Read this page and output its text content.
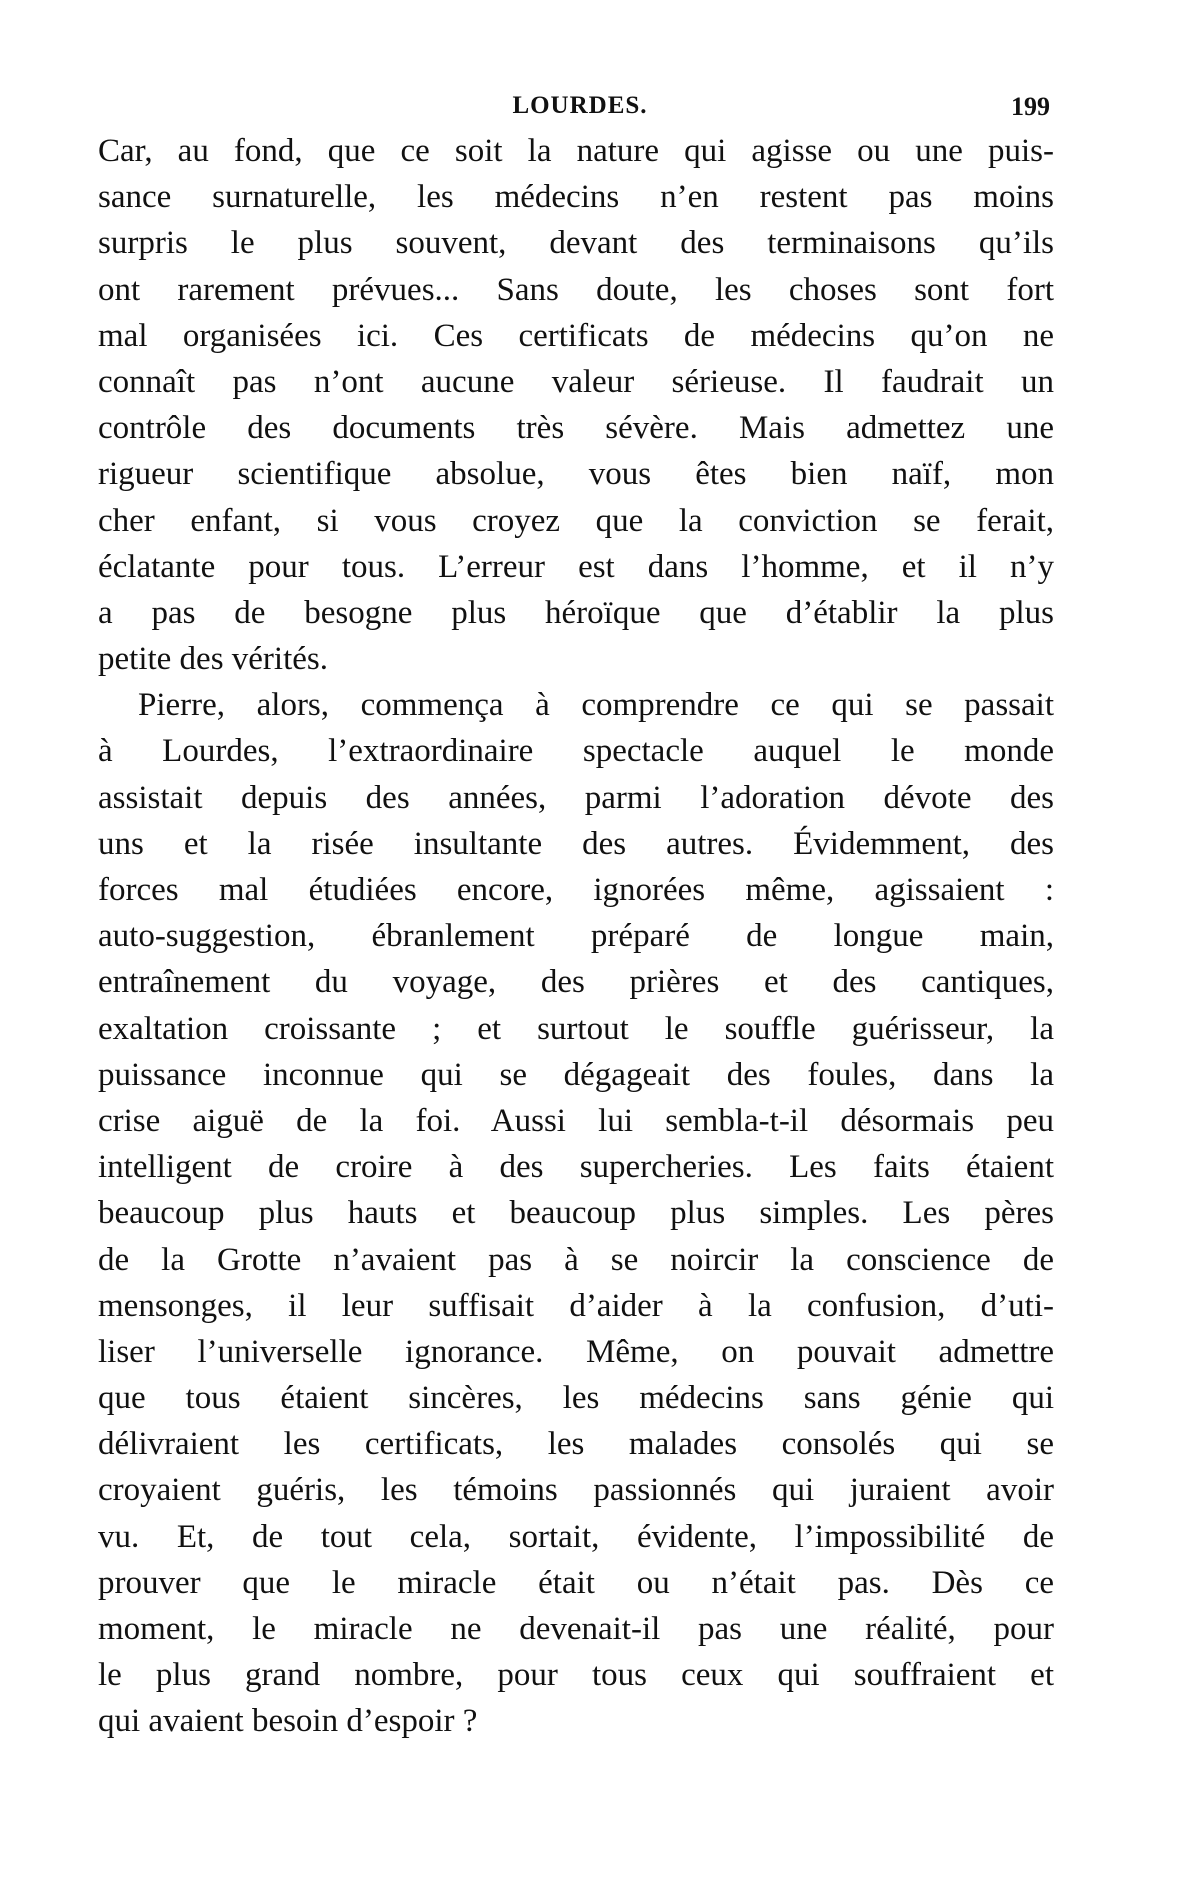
LOURDES.	199
Car, au fond, que ce soit la nature qui agisse ou une puis-
sance surnaturelle, les médecins n’en restent pas moins
surpris le plus souvent, devant des terminaisons qu’ils
ont rarement prévues... Sans doute, les choses sont fort
mal organisées ici. Ces certificats de médecins qu’on ne
connaît pas n’ont aucune valeur sérieuse. Il faudrait un
contrôle des documents très sévère. Mais admettez une
rigueur scientifique absolue, vous êtes bien naïf, mon
cher enfant, si vous croyez que la conviction se ferait,
éclatante pour tous. L’erreur est dans l’homme, et il n’y
a pas de besogne plus héroïque que d’établir la plus
petite des vérités.
Pierre, alors, commença à comprendre ce qui se passait
à Lourdes, l’extraordinaire spectacle auquel le monde
assistait depuis des années, parmi l’adoration dévote des
uns et la risée insultante des autres. Évidemment, des
forces mal étudiées encore, ignorées même, agissaient :
auto-suggestion, ébranlement préparé de longue main,
entraînement du voyage, des prières et des cantiques,
exaltation croissante ; et surtout le souffle guérisseur, la
puissance inconnue qui se dégageait des foules, dans la
crise aiguë de la foi. Aussi lui sembla-t-il désormais peu
intelligent de croire à des supercheries. Les faits étaient
beaucoup plus hauts et beaucoup plus simples. Les pères
de la Grotte n’avaient pas à se noircir la conscience de
mensonges, il leur suffisait d’aider à la confusion, d’uti-
liser l’universelle ignorance. Même, on pouvait admettre
que tous étaient sincères, les médecins sans génie qui
délivraient les certificats, les malades consolés qui se
croyaient guéris, les témoins passionnés qui juraient avoir
vu. Et, de tout cela, sortait, évidente, l’impossibilité de
prouver que le miracle était ou n’était pas. Dès ce
moment, le miracle ne devenait-il pas une réalité, pour
le plus grand nombre, pour tous ceux qui souffraient et
qui avaient besoin d’espoir ?
